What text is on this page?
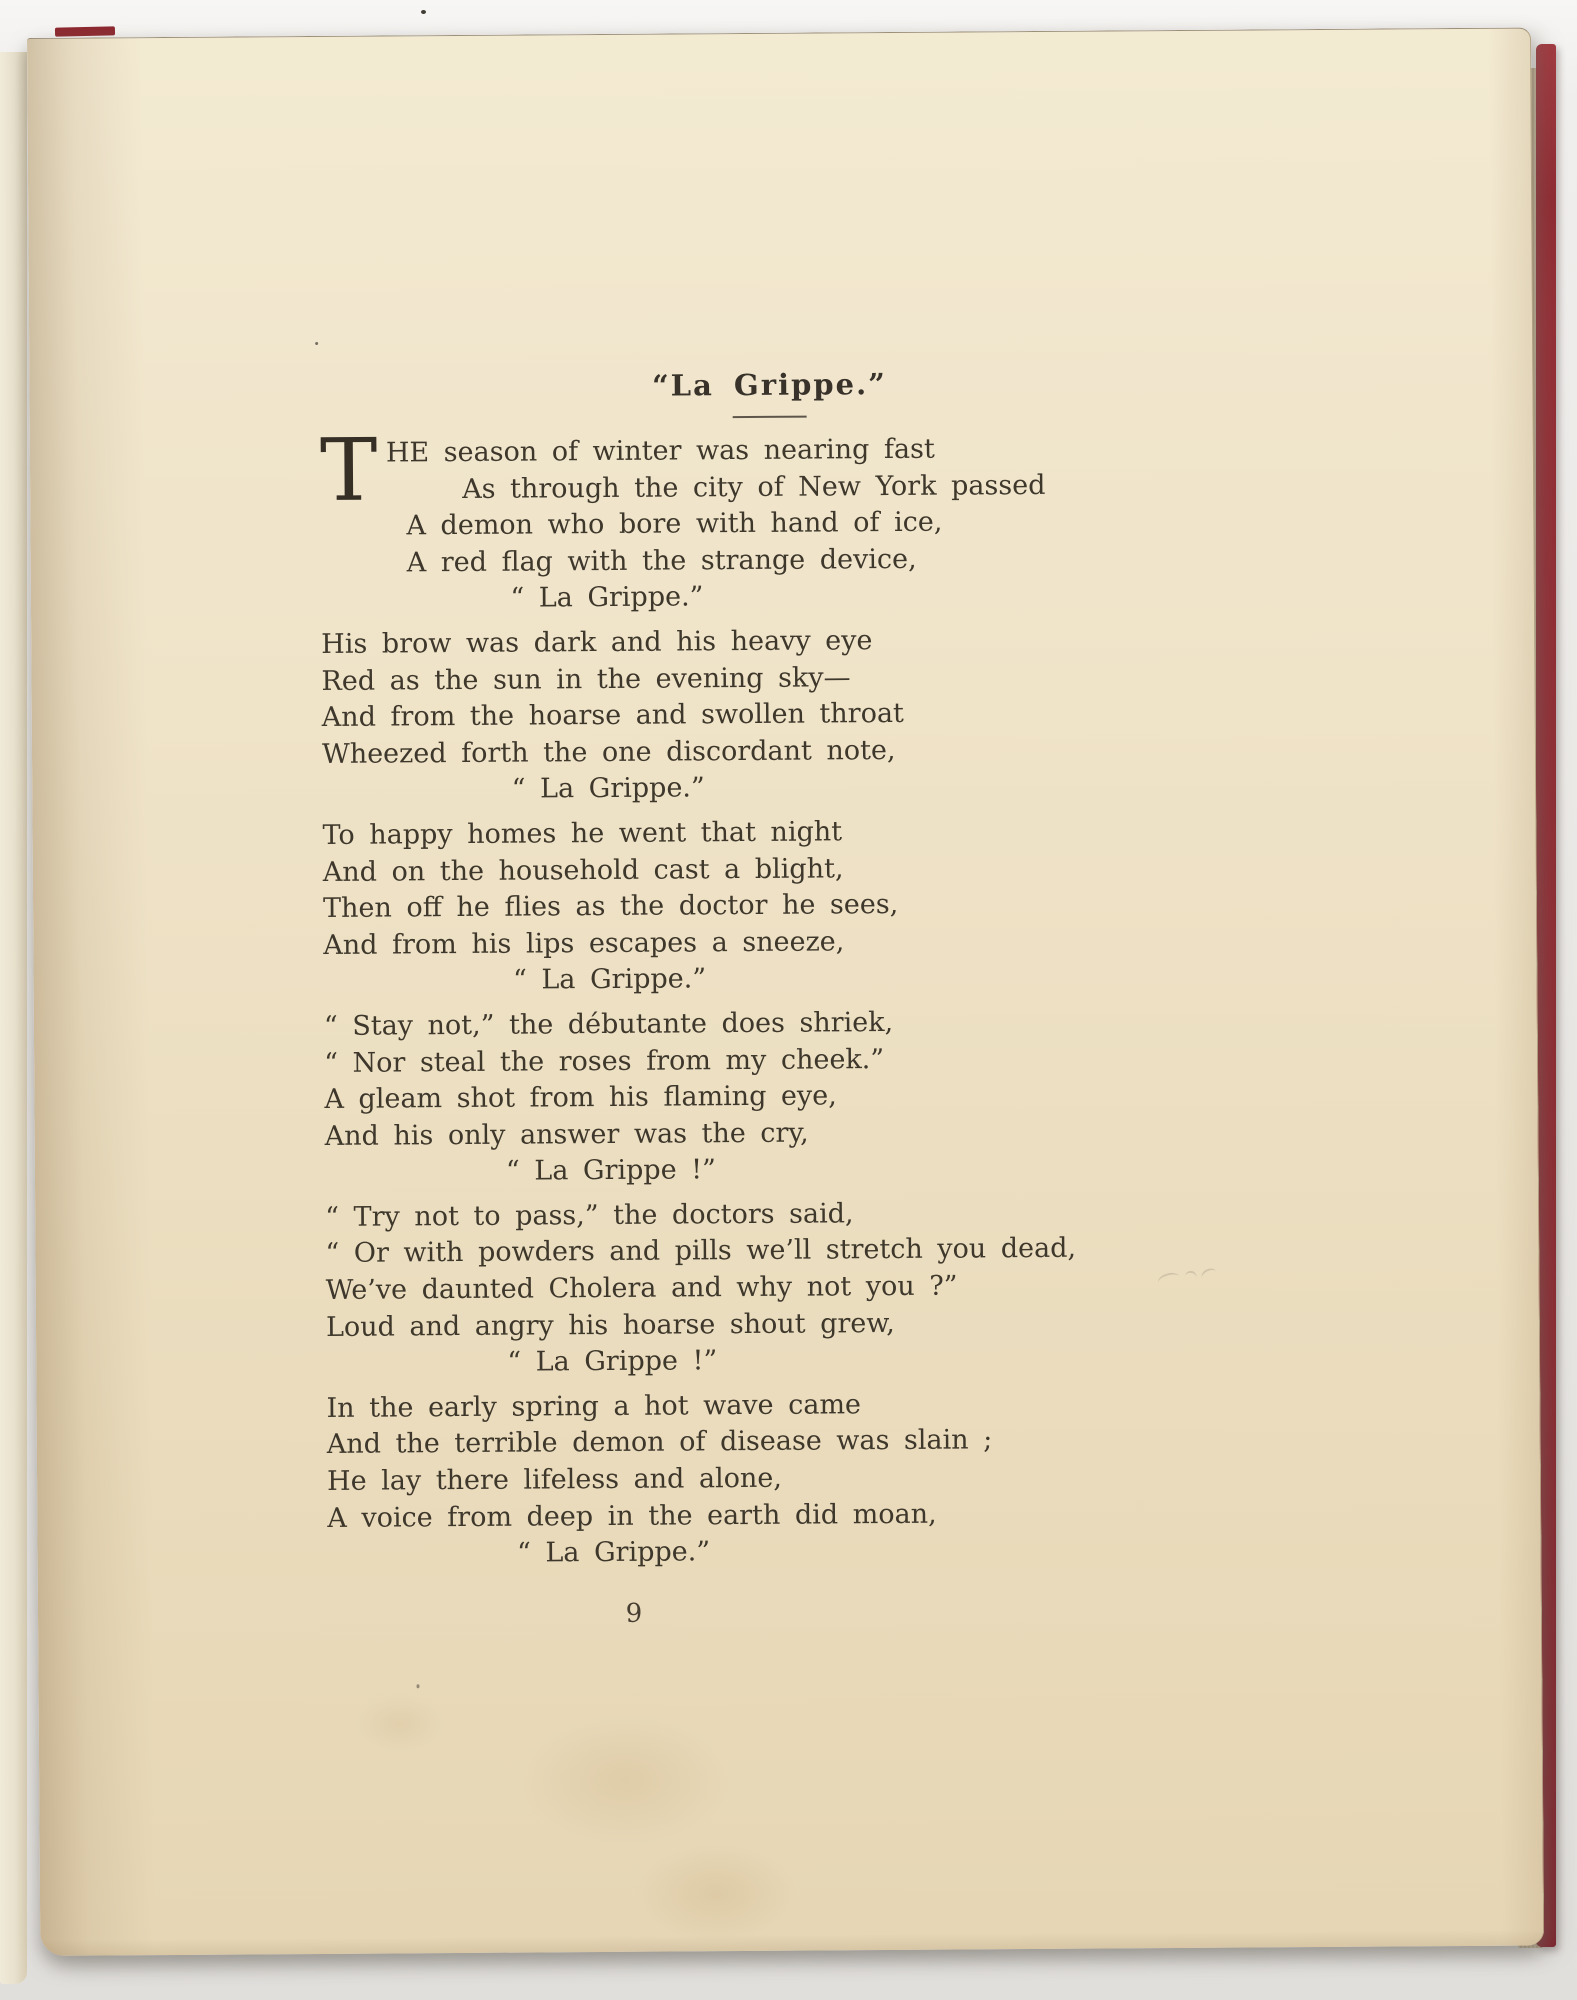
“La Grippe.”
T HE season of winter was nearing fast
As through the city of New York passed
A demon who bore with hand of ice,
A red flag with the strange device,
“ La Grippe.”
His brow was dark and his heavy eye
Red as the sun in the evening sky—
And from the hoarse and swollen throat
Wheezed forth the one discordant note,
“ La Grippe.”
To happy homes he went that night
And on the household cast a blight,
Then off he flies as the doctor he sees,
And from his lips escapes a sneeze,
“ La Grippe.”
“ Stay not,” the débutante does shriek,
“ Nor steal the roses from my cheek.”
A gleam shot from his flaming eye,
And his only answer was the cry,
“ La Grippe !”
“ Try not to pass,” the doctors said,
“ Or with powders and pills we’ll stretch you dead,
We’ve daunted Cholera and why not you ?”
Loud and angry his hoarse shout grew,
“ La Grippe !”
In the early spring a hot wave came
And the terrible demon of disease was slain ;
He lay there lifeless and alone,
A voice from deep in the earth did moan,
“ La Grippe.”
9
